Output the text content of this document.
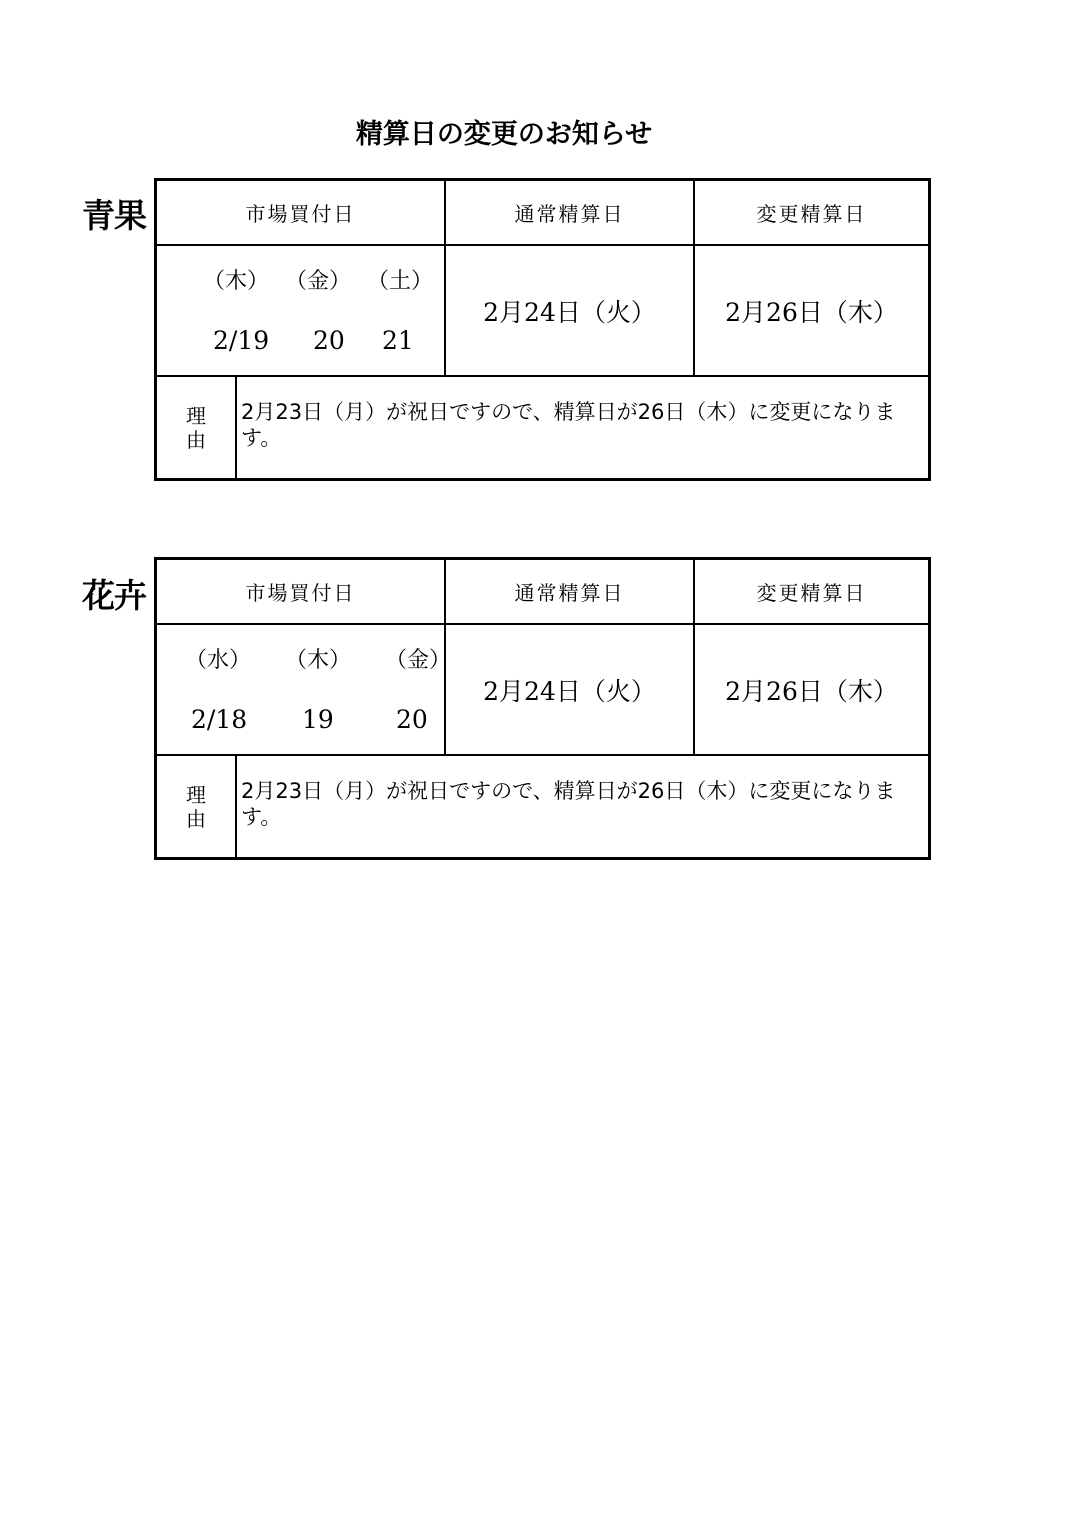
精算日の変更のお知らせ
青果	市場買付日	通常精算日	変更精算日
（木） （金） （土）
2/19 20 21
2月24日（火）	2月26日（木）
理
由
2月23日（月）が祝日ですので、精算日が26日（木）に変更になります。
花卉	市場買付日	通常精算日	変更精算日
（水） （木） （金）
2/18 19 20
2月24日（火）	2月26日（木）
理
由
2月23日（月）が祝日ですので、精算日が26日（木）に変更になります。
